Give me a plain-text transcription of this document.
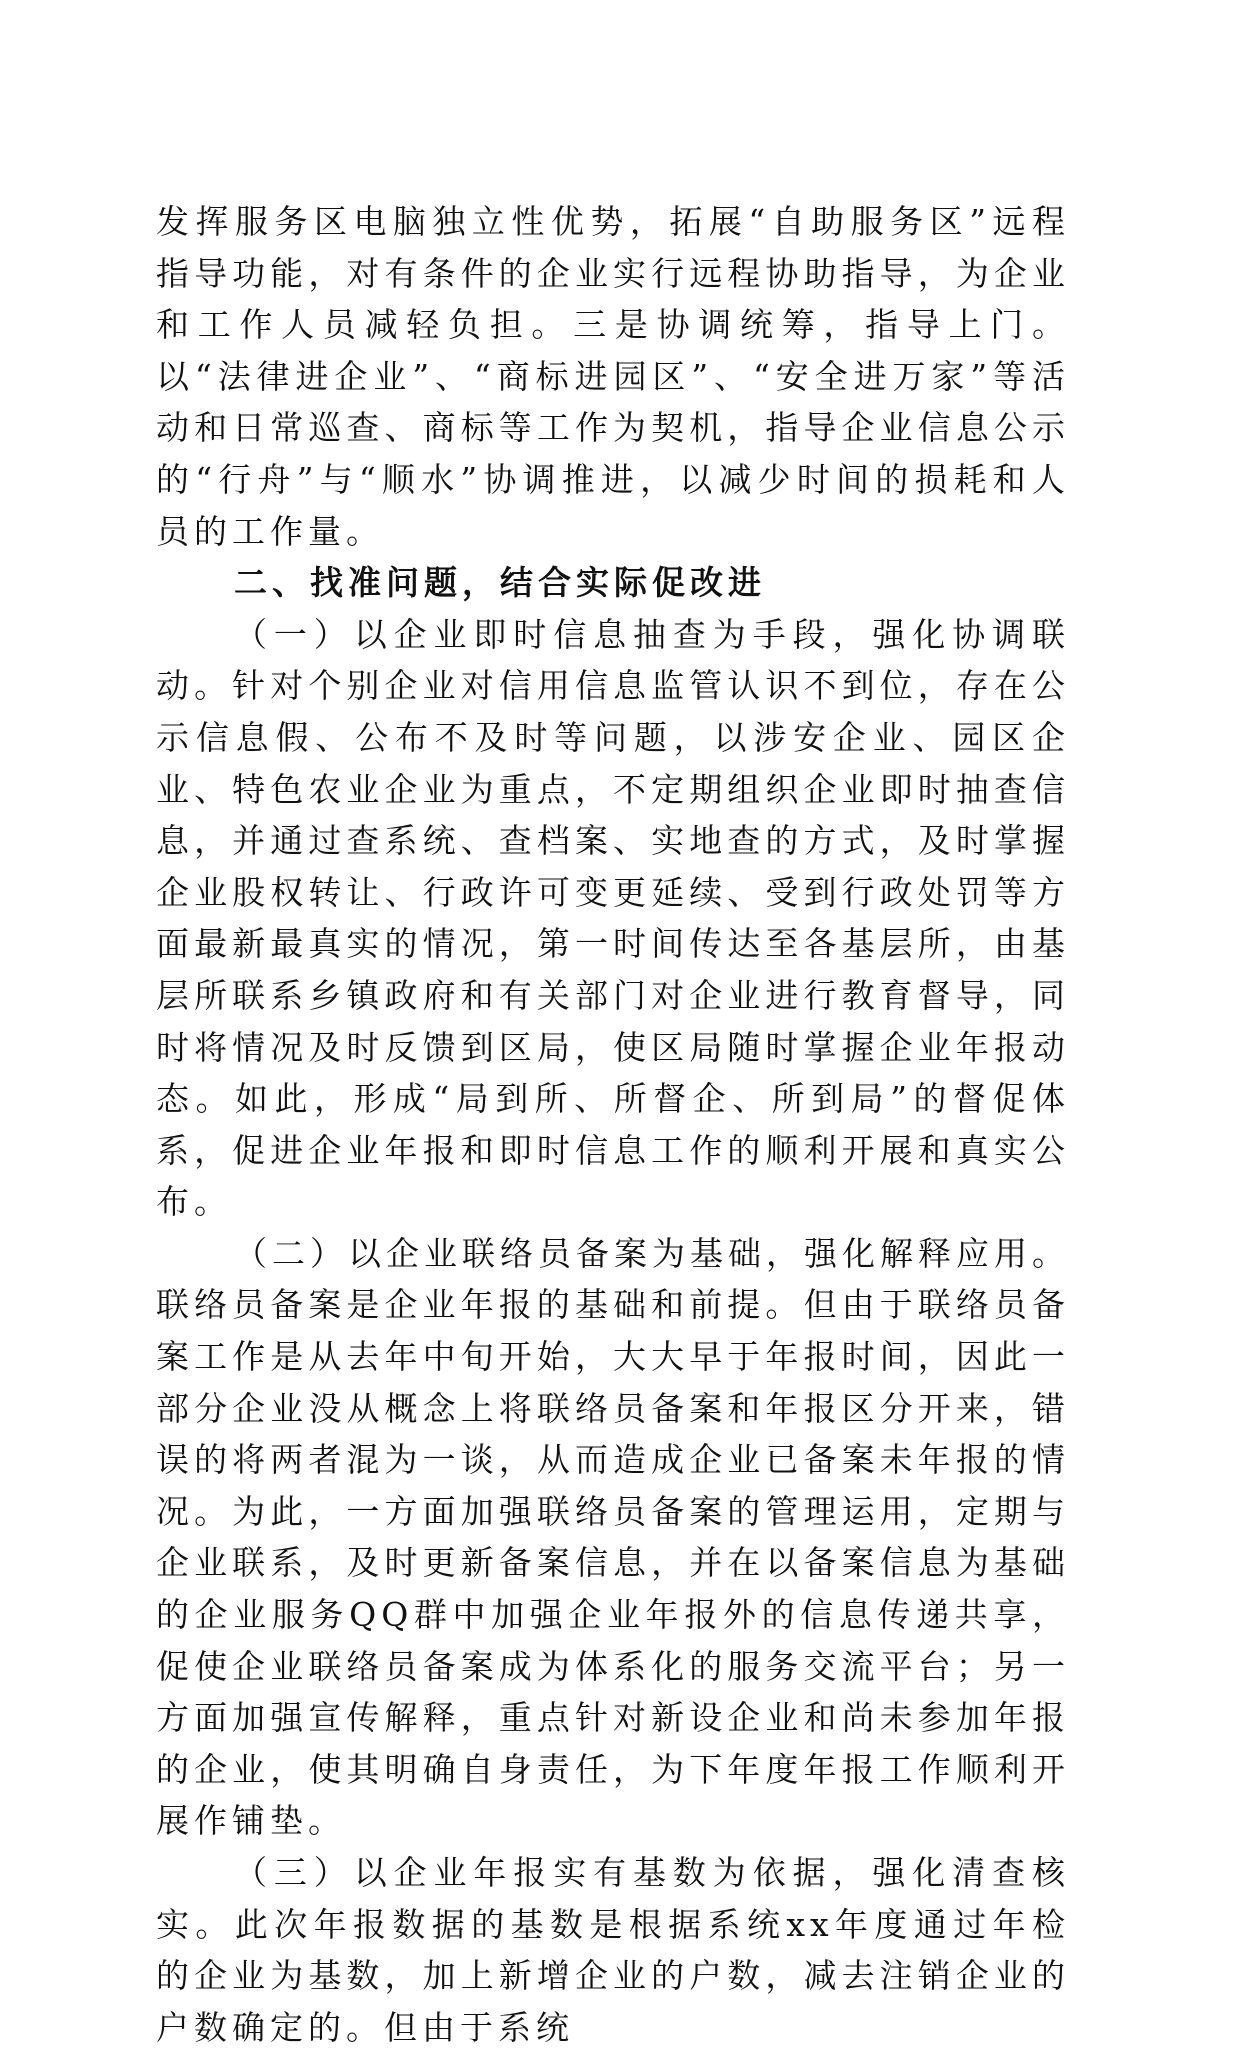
发挥服务区电脑独立性优势，拓展“自助服务区”远程指导功能，对有条件的企业实行远程协助指导，为企业和工作人员减轻负担。三是协调统筹，指导上门。以“法律进企业”、“商标进园区”、“安全进万家”等活动和日常巡查、商标等工作为契机，指导企业信息公示的“行舟”与“顺水”协调推进，以减少时间的损耗和人员的工作量。

二、找准问题，结合实际促改进

（一）以企业即时信息抽查为手段，强化协调联动。针对个别企业对信用信息监管认识不到位，存在公示信息假、公布不及时等问题，以涉安企业、园区企业、特色农业企业为重点，不定期组织企业即时抽查信息，并通过查系统、查档案、实地查的方式，及时掌握企业股权转让、行政许可变更延续、受到行政处罚等方面最新最真实的情况，第一时间传达至各基层所，由基层所联系乡镇政府和有关部门对企业进行教育督导，同时将情况及时反馈到区局，使区局随时掌握企业年报动态。如此，形成“局到所、所督企、所到局”的督促体系，促进企业年报和即时信息工作的顺利开展和真实公布。

（二）以企业联络员备案为基础，强化解释应用。联络员备案是企业年报的基础和前提。但由于联络员备案工作是从去年中旬开始，大大早于年报时间，因此一部分企业没从概念上将联络员备案和年报区分开来，错误的将两者混为一谈，从而造成企业已备案未年报的情况。为此，一方面加强联络员备案的管理运用，定期与企业联系，及时更新备案信息，并在以备案信息为基础的企业服务QQ群中加强企业年报外的信息传递共享，促使企业联络员备案成为体系化的服务交流平台；另一方面加强宣传解释，重点针对新设企业和尚未参加年报的企业，使其明确自身责任，为下年度年报工作顺利开展作铺垫。

（三）以企业年报实有基数为依据，强化清查核实。此次年报数据的基数是根据系统xx年度通过年检的企业为基数，加上新增企业的户数，减去注销企业的户数确定的。但由于系统
